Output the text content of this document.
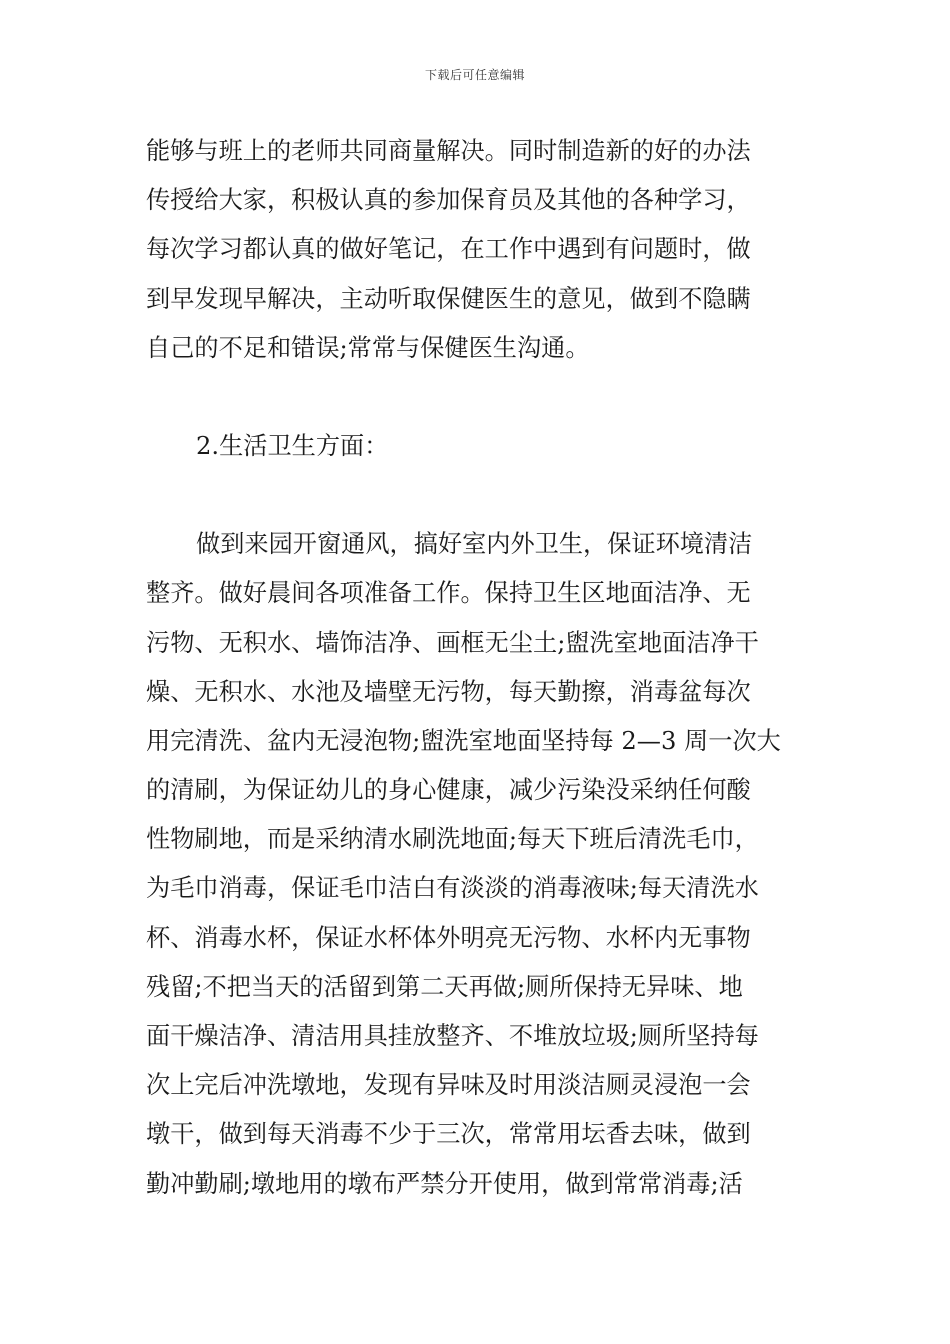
下载后可任意编辑
能够与班上的老师共同商量解决。同时制造新的好的办法
传授给大家，积极认真的参加保育员及其他的各种学习，
每次学习都认真的做好笔记，在工作中遇到有问题时，做
到早发现早解决，主动听取保健医生的意见，做到不隐瞒
自己的不足和错误;常常与保健医生沟通。
2.生活卫生方面：
做到来园开窗通风，搞好室内外卫生，保证环境清洁
整齐。做好晨间各项准备工作。保持卫生区地面洁净、无
污物、无积水、墙饰洁净、画框无尘土;盥洗室地面洁净干
燥、无积水、水池及墙壁无污物，每天勤擦，消毒盆每次
用完清洗、盆内无浸泡物;盥洗室地面坚持每 2—3 周一次大
的清刷，为保证幼儿的身心健康，减少污染没采纳任何酸
性物刷地，而是采纳清水刷洗地面;每天下班后清洗毛巾，
为毛巾消毒，保证毛巾洁白有淡淡的消毒液味;每天清洗水
杯、消毒水杯，保证水杯体外明亮无污物、水杯内无事物
残留;不把当天的活留到第二天再做;厕所保持无异味、地
面干燥洁净、清洁用具挂放整齐、不堆放垃圾;厕所坚持每
次上完后冲洗墩地，发现有异味及时用淡洁厕灵浸泡一会
墩干，做到每天消毒不少于三次，常常用坛香去味，做到
勤冲勤刷;墩地用的墩布严禁分开使用，做到常常消毒;活
